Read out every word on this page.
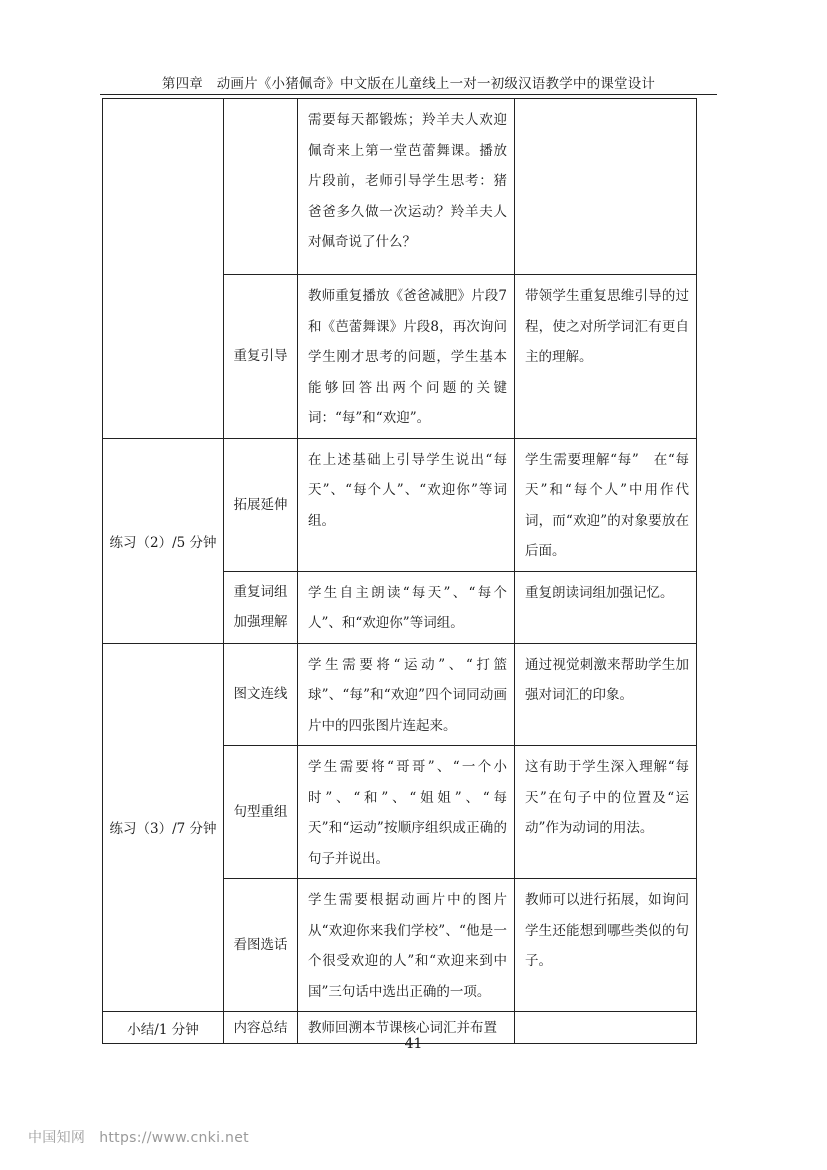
第四章　动画片《小猪佩奇》中文版在儿童线上一对一初级汉语教学中的课堂设计

		需要每天都锻炼；羚羊夫人欢迎佩奇来上第一堂芭蕾舞课。播放片段前，老师引导学生思考：猪爸爸多久做一次运动？羚羊夫人对佩奇说了什么？	

	重复引导	教师重复播放《爸爸减肥》片段7和《芭蕾舞课》片段8，再次询问学生刚才思考的问题，学生基本能够回答出两个问题的关键词：“每”和“欢迎”。	带领学生重复思维引导的过程，使之对所学词汇有更自主的理解。

练习（2）/5 分钟	拓展延伸	在上述基础上引导学生说出“每天”、“每个人”、“欢迎你”等词组。	学生需要理解“每”　在“每天”和“每个人”中用作代词，而“欢迎”的对象要放在后面。

	重复词组加强理解	学生自主朗读“每天”、“每个人”、和“欢迎你”等词组。	重复朗读词组加强记忆。

练习（3）/7 分钟	图文连线	学生需要将“运动”、“打篮球”、“每”和“欢迎”四个词同动画片中的四张图片连起来。	通过视觉刺激来帮助学生加强对词汇的印象。

	句型重组	学生需要将“哥哥”、“一个小时”、“和”、“姐姐”、“每天”和“运动”按顺序组织成正确的句子并说出。	这有助于学生深入理解“每天”在句子中的位置及“运动”作为动词的用法。

	看图选话	学生需要根据动画片中的图片从“欢迎你来我们学校”、“他是一个很受欢迎的人”和“欢迎来到中国”三句话中选出正确的一项。	教师可以进行拓展，如询问学生还能想到哪些类似的句子。

小结/1 分钟	内容总结	教师回溯本节课核心词汇并布置	

41
中国知网 https://www.cnki.net
